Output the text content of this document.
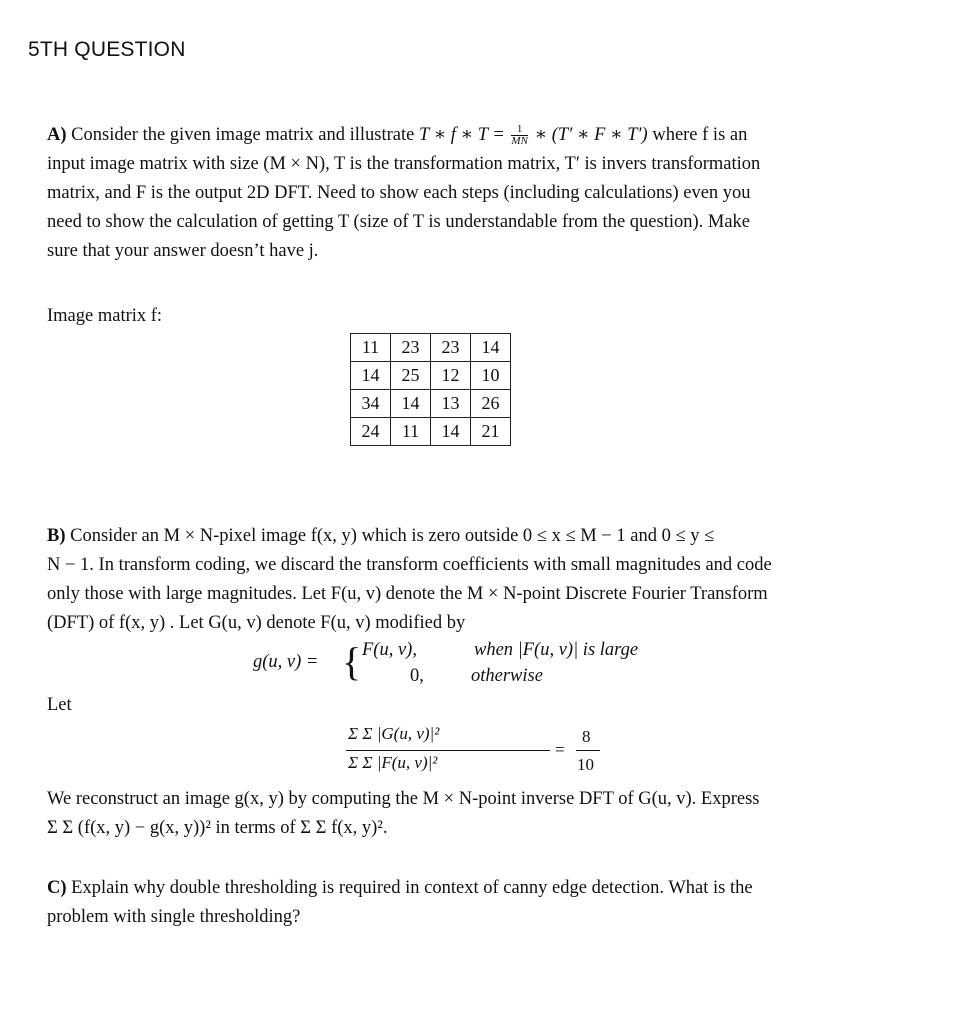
5TH QUESTION
A) Consider the given image matrix and illustrate T ∗ f ∗ $T = \frac{1}{MN}$ ∗ (T′ ∗ F ∗ T′) where f is an
input image matrix with size (M × N), T is the transformation matrix, T′ is invers transformation
matrix, and F is the output 2D DFT. Need to show each steps (including calculations) even you
need to show the calculation of getting T (size of T is understandable from the question). Make
sure that your answer doesn’t have j.
Image matrix f:
11	23	23	14
14	25	12	10
34	14	13	26
24	11	14	21
B) Consider an M × N-pixel image f(x, y) which is zero outside 0 ≤ x ≤ M − 1 and 0 ≤ y ≤
N − 1. In transform coding, we discard the transform coefficients with small magnitudes and code
only those with large magnitudes. Let F(u, v) denote the M × N-point Discrete Fourier Transform
(DFT) of f(x, y) . Let G(u, v) denote F(u, v) modified by
g(u, v) = { F(u, v),	when |F(u, v)| is large
0,	otherwise
Let
Σ Σ |G(u, v)|²
Σ Σ |F(u, v)|²
=
8
10
We reconstruct an image g(x, y) by computing the M × N-point inverse DFT of G(u, v). Express
Σ Σ (f(x, y) − g(x, y))² in terms of Σ Σ f(x, y)².
C) Explain why double thresholding is required in context of canny edge detection. What is the
problem with single thresholding?
